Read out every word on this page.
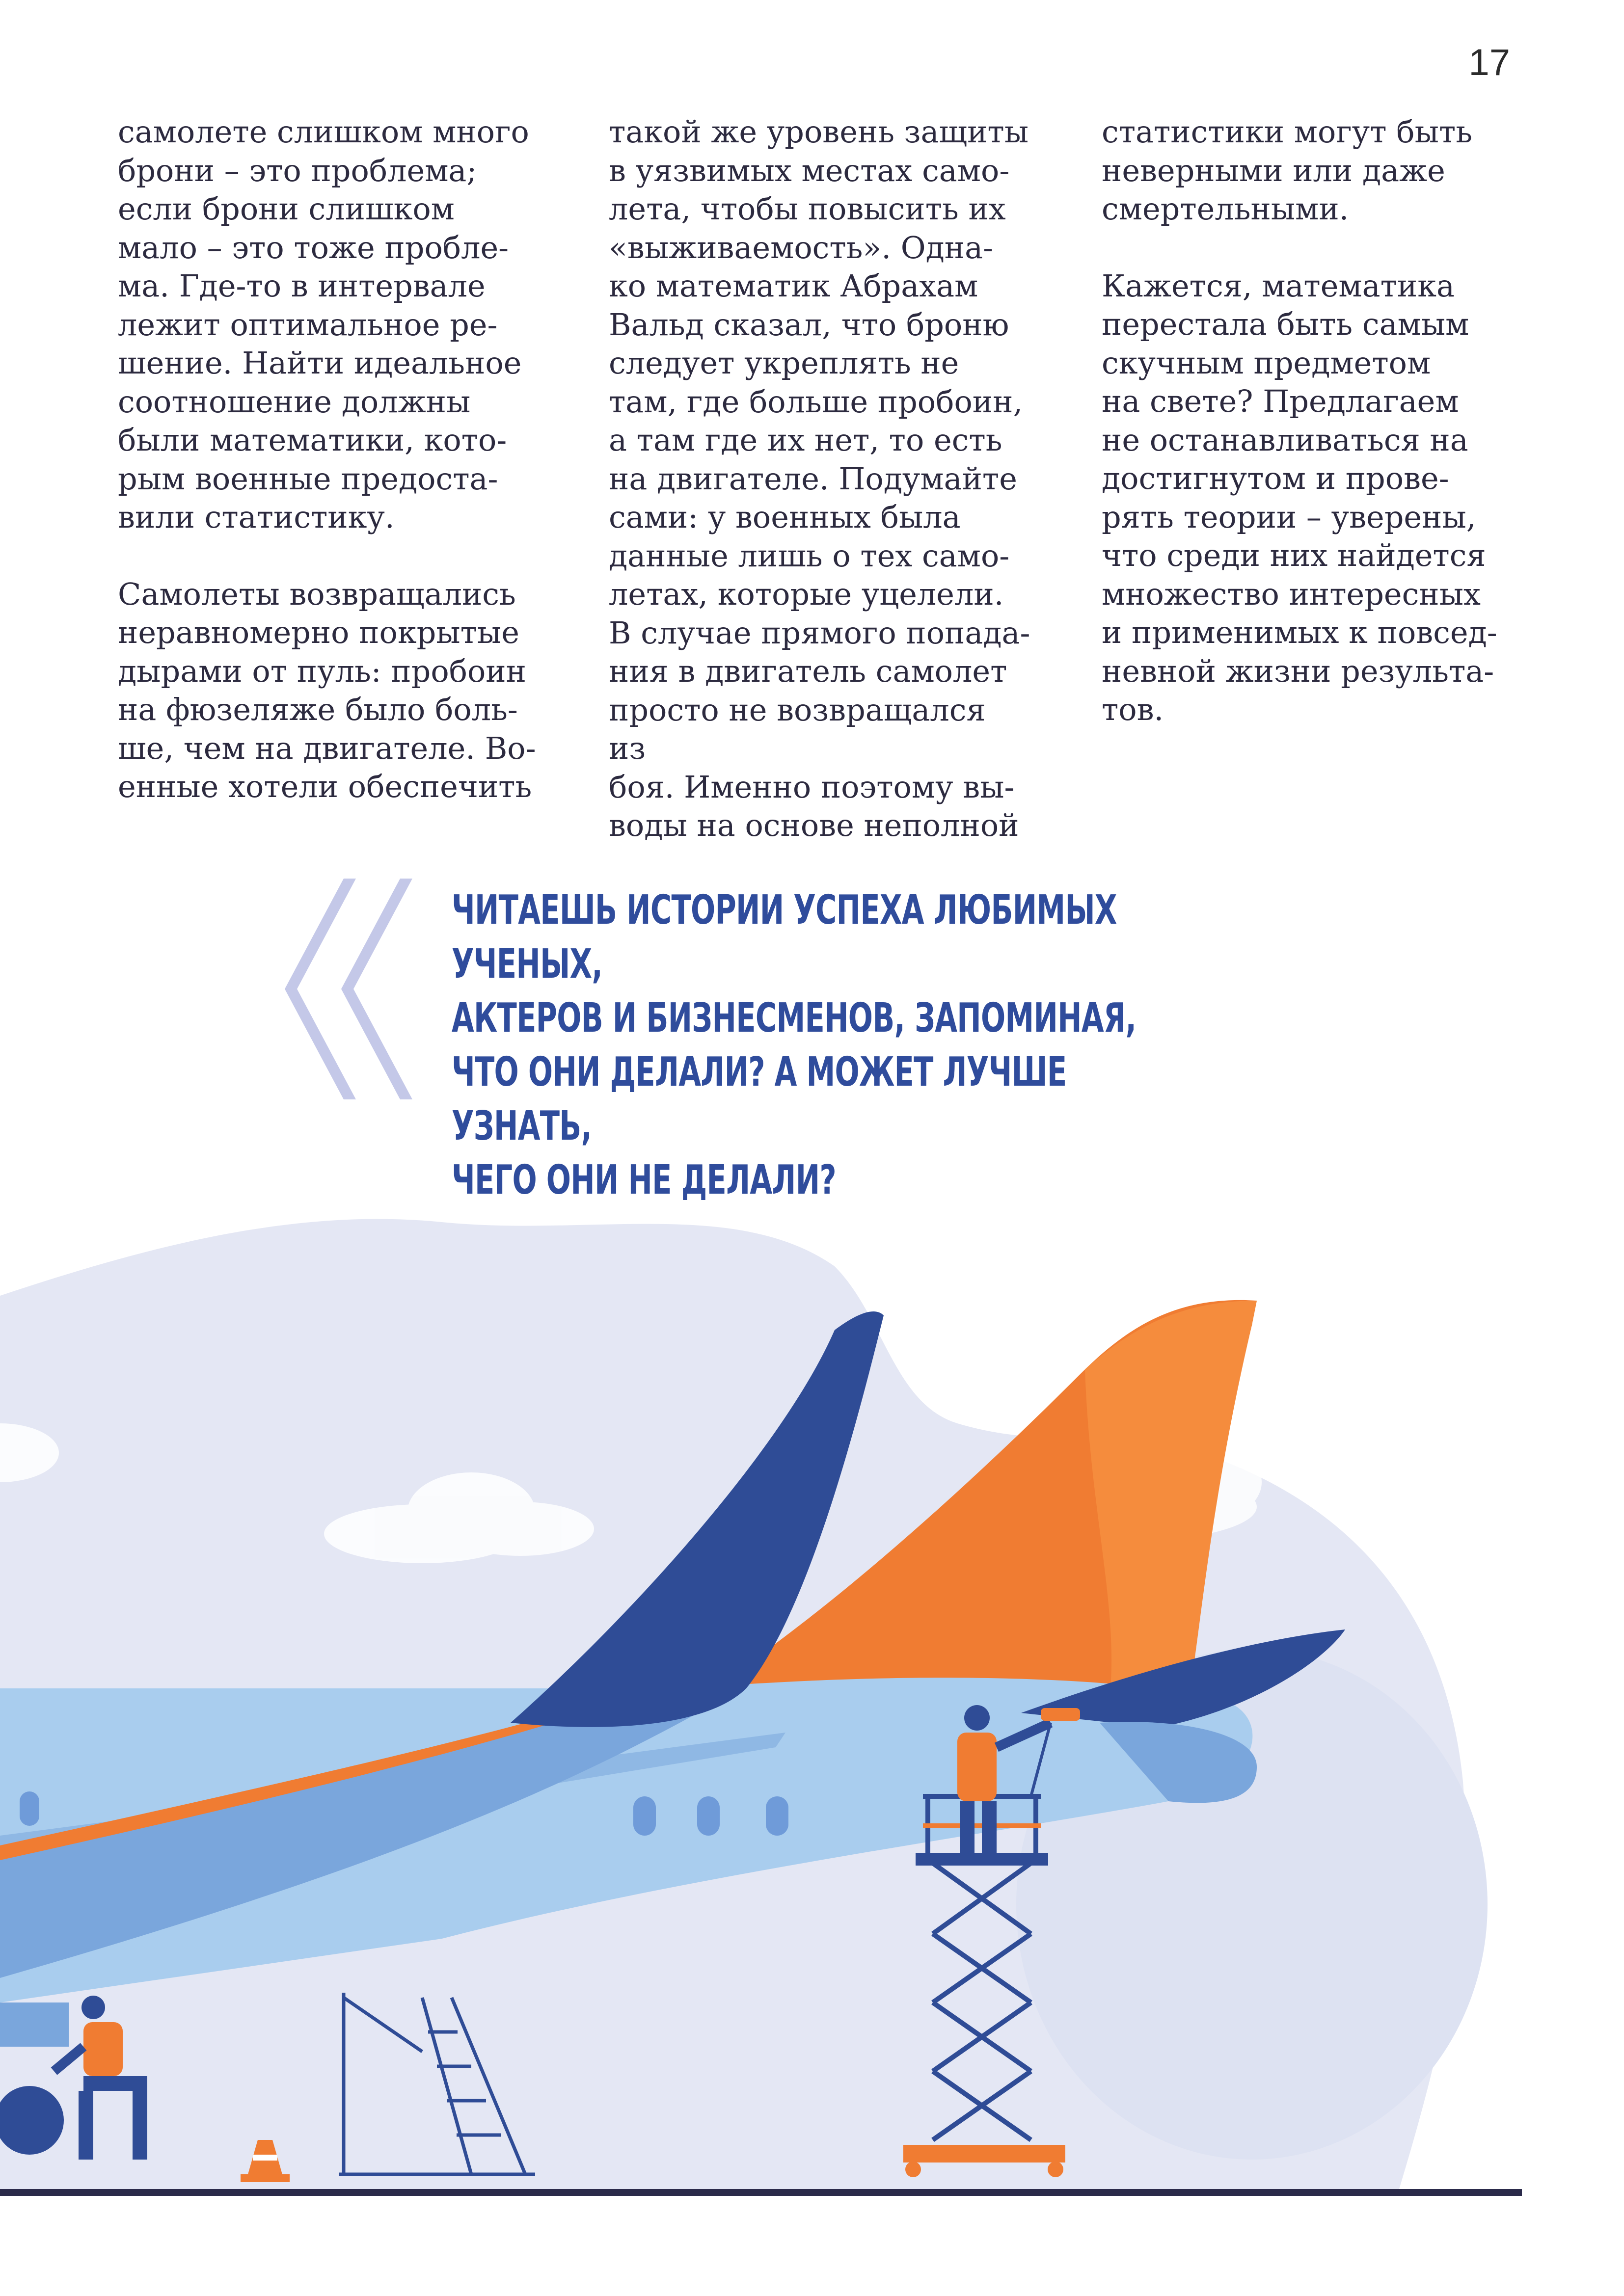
17

самолете слишком много
брони – это проблема;
если брони слишком
мало – это тоже пробле-
ма. Где-то в интервале
лежит оптимальное ре-
шение. Найти идеальное
соотношение должны
были математики, кото-
рым военные предоста-
вили статистику.

Самолеты возвращались
неравномерно покрытые
дырами от пуль: пробоин
на фюзеляже было боль-
ше, чем на двигателе. Во-
енные хотели обеспечить

такой же уровень защиты
в уязвимых местах само-
лета, чтобы повысить их
«выживаемость». Одна-
ко математик Абрахам
Вальд сказал, что броню
следует укреплять не
там, где больше пробоин,
а там где их нет, то есть
на двигателе. Подумайте
сами: у военных была
данные лишь о тех само-
летах, которые уцелели.
В случае прямого попада-
ния в двигатель самолет
просто не возвращался из
боя. Именно поэтому вы-
воды на основе неполной

статистики могут быть
неверными или даже
смертельными.

Кажется, математика
перестала быть самым
скучным предметом
на свете? Предлагаем
не останавливаться на
достигнутом и прове-
рять теории – уверены,
что среди них найдется
множество интересных
и применимых к повсед-
невной жизни результа-
тов.

ЧИТАЕШЬ ИСТОРИИ УСПЕХА ЛЮБИМЫХ УЧЕНЫХ,
АКТЕРОВ И БИЗНЕСМЕНОВ, ЗАПОМИНАЯ,
ЧТО ОНИ ДЕЛАЛИ? А МОЖЕТ ЛУЧШЕ УЗНАТЬ,
ЧЕГО ОНИ НЕ ДЕЛАЛИ?
